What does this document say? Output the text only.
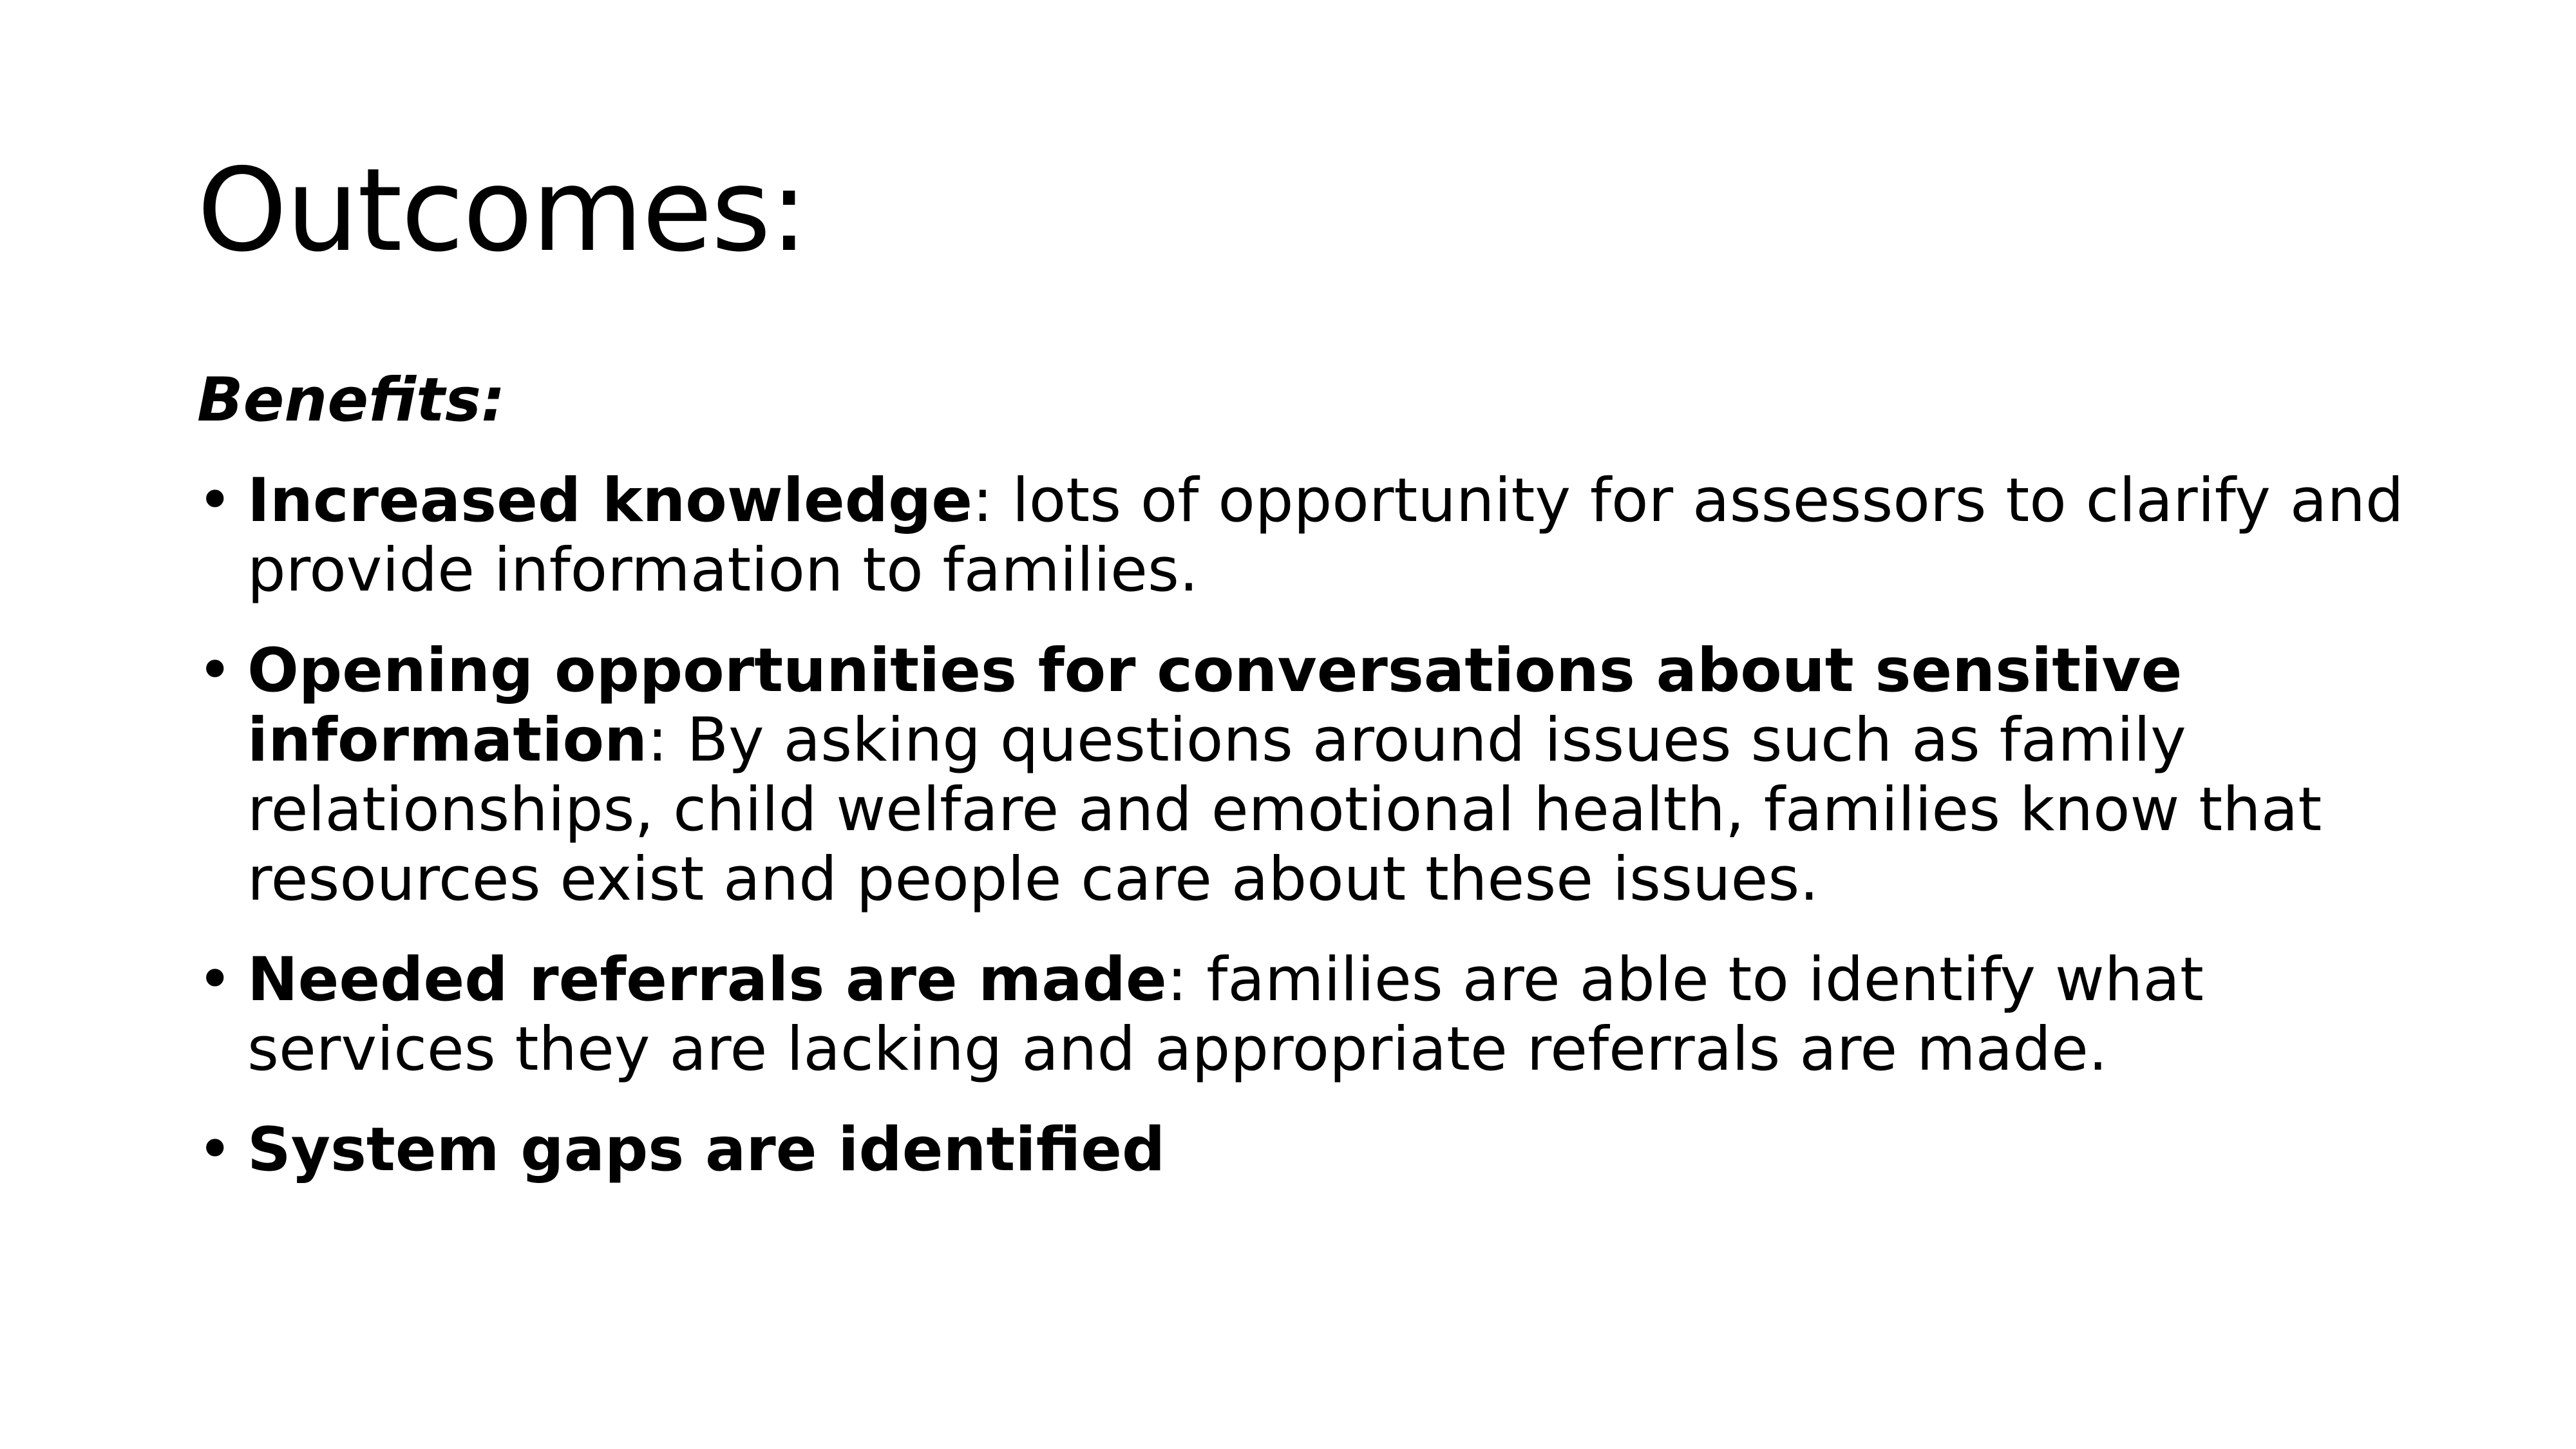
Outcomes:
Benefits:
• Increased knowledge: lots of opportunity for assessors to clarify and provide information to families.
• Opening opportunities for conversations about sensitive information: By asking questions around issues such as family relationships, child welfare and emotional health, families know that resources exist and people care about these issues.
• Needed referrals are made: families are able to identify what services they are lacking and appropriate referrals are made.
• System gaps are identified
